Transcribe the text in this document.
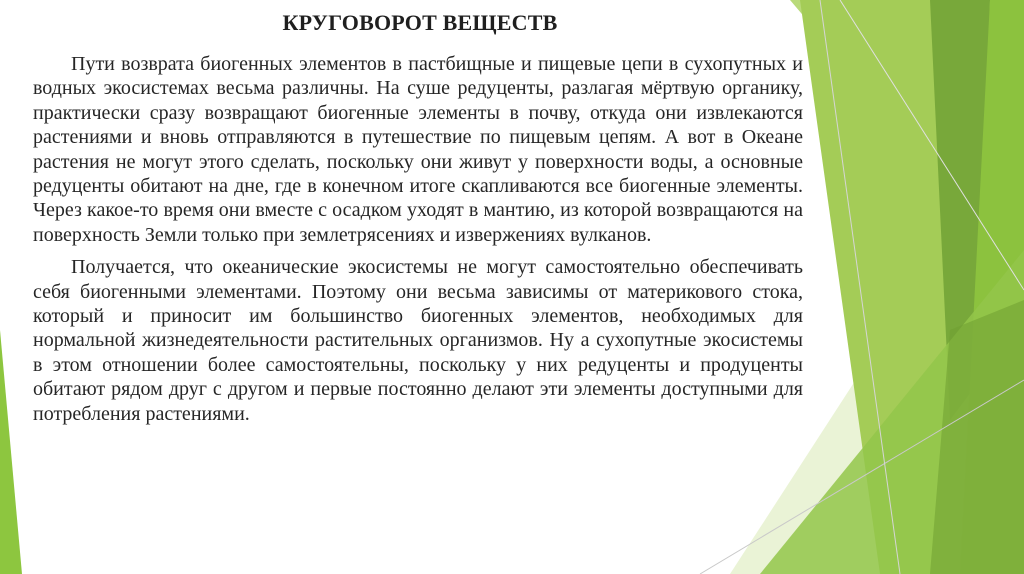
КРУГОВОРОТ ВЕЩЕСТВ

Пути возврата биогенных элементов в пастбищные и пищевые цепи в сухопутных и водных экосистемах весьма различны. На суше редуценты, разлагая мёртвую органику, практически сразу возвращают биогенные элементы в почву, откуда они извлекаются растениями и вновь отправляются в путешествие по пищевым цепям. А вот в Океане растения не могут этого сделать, поскольку они живут у поверхности воды, а основные редуценты обитают на дне, где в конечном итоге скапливаются все биогенные элементы. Через какое-то время они вместе с осадком уходят в мантию, из которой возвращаются на поверхность Земли только при землетрясениях и извержениях вулканов.

Получается, что океанические экосистемы не могут самостоятельно обеспечивать себя биогенными элементами. Поэтому они весьма зависимы от материкового стока, который и приносит им большинство биогенных элементов, необходимых для нормальной жизнедеятельности растительных организмов. Ну а сухопутные экосистемы в этом отношении более самостоятельны, поскольку у них редуценты и продуценты обитают рядом друг с другом и первые постоянно делают эти элементы доступными для потребления растениями.
